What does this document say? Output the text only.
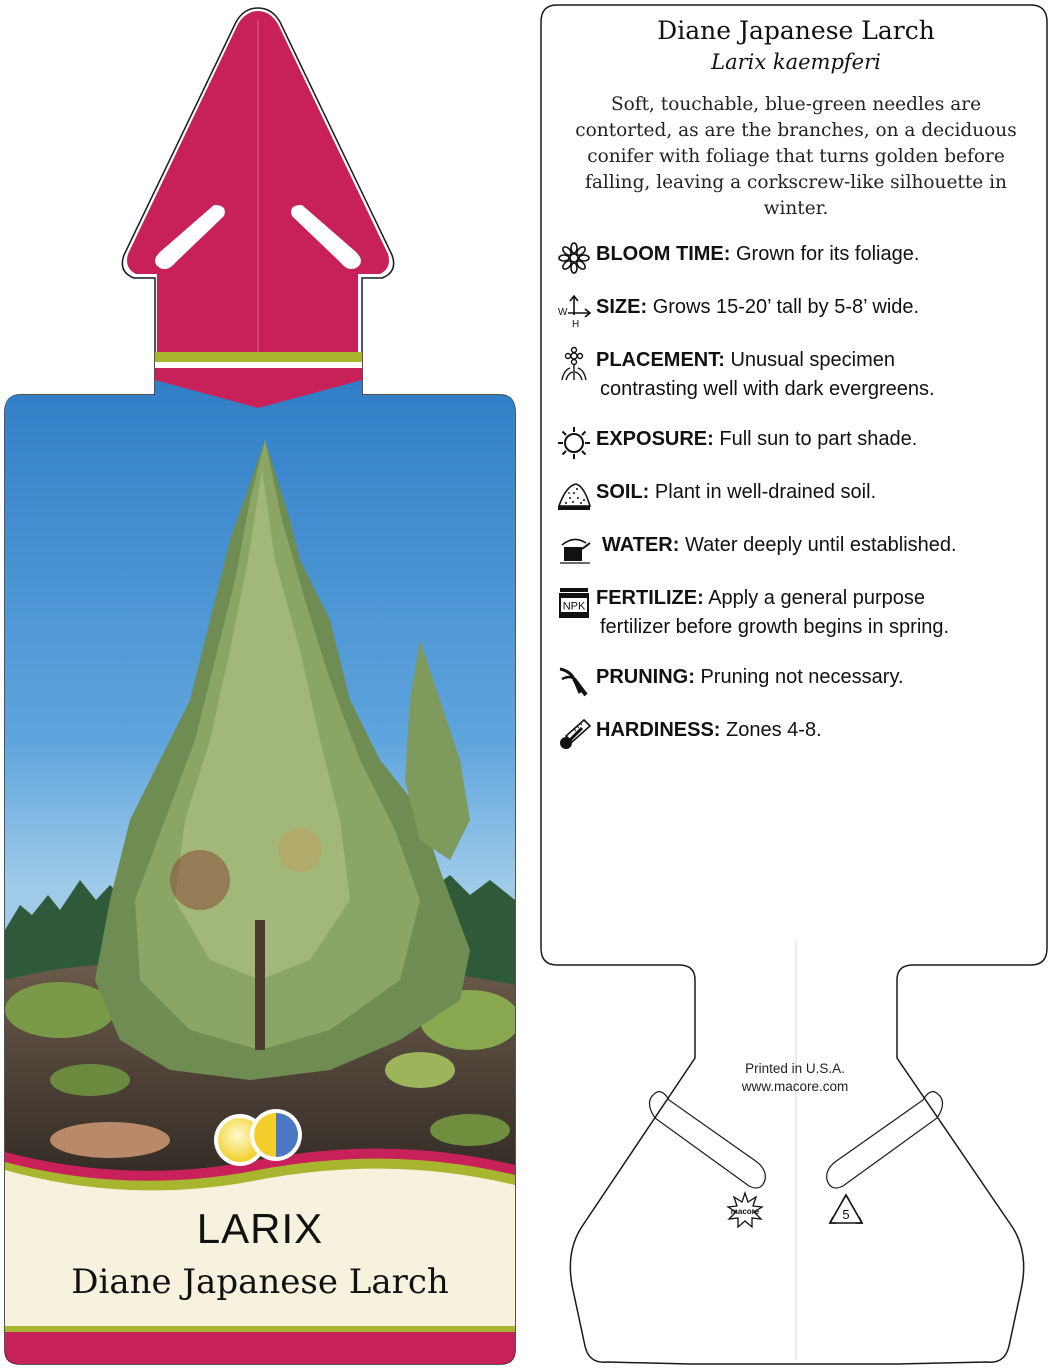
LARIX
Diane Japanese Larch
Diane Japanese Larch
Larix kaempferi
Soft, touchable, blue-green needles are contorted, as are the branches, on a deciduous conifer with foliage that turns golden before falling, leaving a corkscrew-like silhouette in winter.
BLOOM TIME: Grown for its foliage.
W
H
SIZE: Grows 15-20’ tall by 5-8’ wide.
PLACEMENT: Unusual specimen
contrasting well with dark evergreens.
EXPOSURE: Full sun to part shade.
SOIL: Plant in well-drained soil.
WATER: Water deeply until established.
NPK FERTILIZE: Apply a general purpose
fertilizer before growth begins in spring.
PRUNING: Pruning not necessary.
HARDINESS: Zones 4-8.
Printed in U.S.A.
www.macore.com
macore	5
